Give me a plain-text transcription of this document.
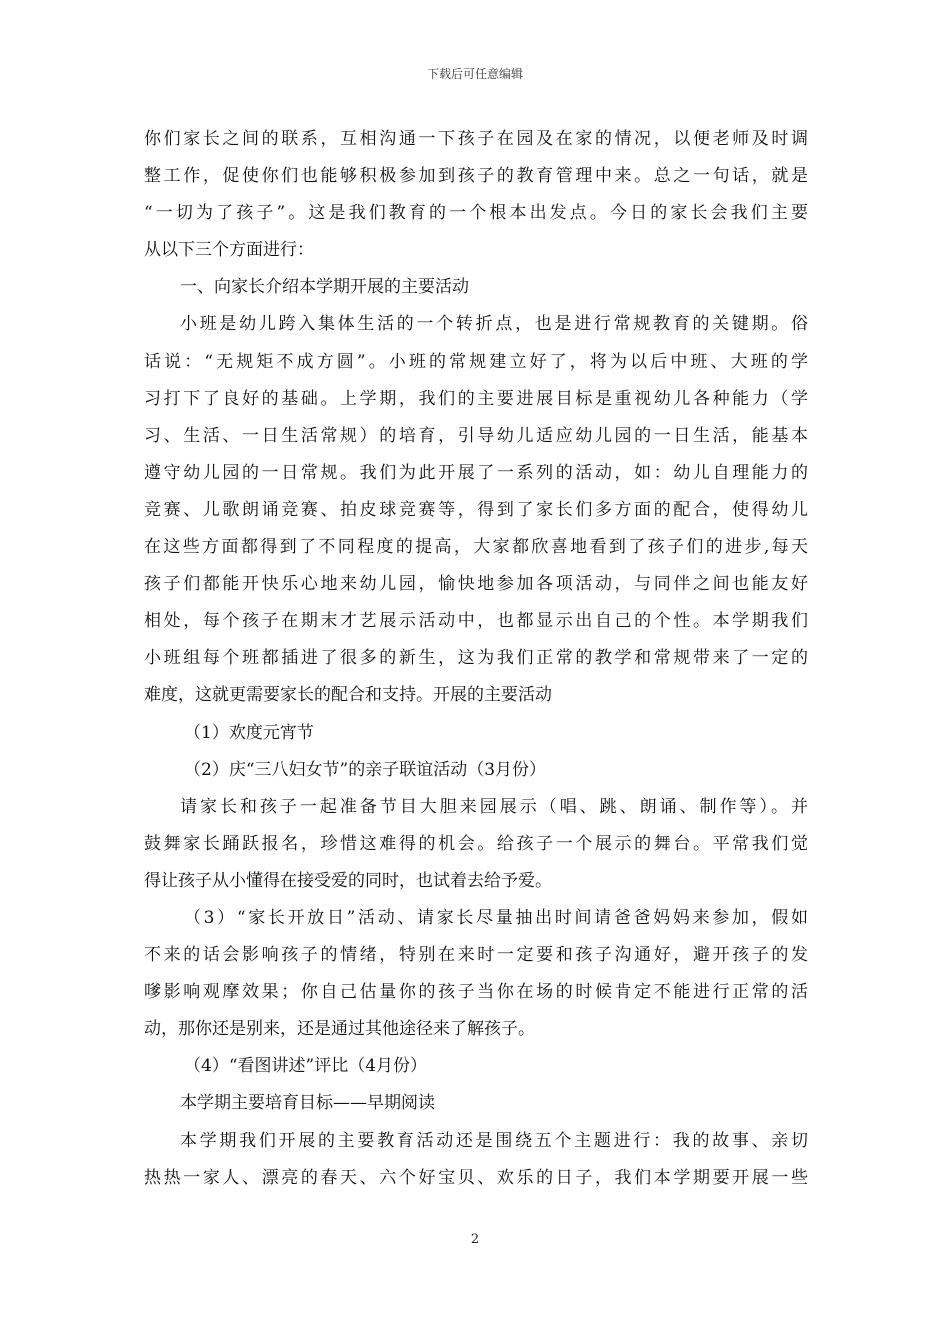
下载后可任意编辑
你们家长之间的联系，互相沟通一下孩子在园及在家的情况，以便老师及时调
整工作，促使你们也能够积极参加到孩子的教育管理中来。总之一句话，就是
“一切为了孩子”。这是我们教育的一个根本出发点。今日的家长会我们主要
从以下三个方面进行：
一、向家长介绍本学期开展的主要活动
小班是幼儿跨入集体生活的一个转折点，也是进行常规教育的关键期。俗
话说：“无规矩不成方圆”。小班的常规建立好了，将为以后中班、大班的学
习打下了良好的基础。上学期，我们的主要进展目标是重视幼儿各种能力（学
习、生活、一日生活常规）的培育，引导幼儿适应幼儿园的一日生活，能基本
遵守幼儿园的一日常规。我们为此开展了一系列的活动，如：幼儿自理能力的
竞赛、儿歌朗诵竞赛、拍皮球竞赛等，得到了家长们多方面的配合，使得幼儿
在这些方面都得到了不同程度的提高，大家都欣喜地看到了孩子们的进步,每天
孩子们都能开快乐心地来幼儿园，愉快地参加各项活动，与同伴之间也能友好
相处，每个孩子在期末才艺展示活动中，也都显示出自己的个性。本学期我们
小班组每个班都插进了很多的新生，这为我们正常的教学和常规带来了一定的
难度，这就更需要家长的配合和支持。开展的主要活动
（1）欢度元宵节
（2）庆“三八妇女节”的亲子联谊活动（3月份）
请家长和孩子一起准备节目大胆来园展示（唱、跳、朗诵、制作等）。并
鼓舞家长踊跃报名，珍惜这难得的机会。给孩子一个展示的舞台。平常我们觉
得让孩子从小懂得在接受爱的同时，也试着去给予爱。
（3）“家长开放日”活动、请家长尽量抽出时间请爸爸妈妈来参加，假如
不来的话会影响孩子的情绪，特别在来时一定要和孩子沟通好，避开孩子的发
嗲影响观摩效果；你自己估量你的孩子当你在场的时候肯定不能进行正常的活
动，那你还是别来，还是通过其他途径来了解孩子。
（4）“看图讲述”评比（4月份）
本学期主要培育目标——早期阅读
本学期我们开展的主要教育活动还是围绕五个主题进行：我的故事、亲切
热热一家人、漂亮的春天、六个好宝贝、欢乐的日子，我们本学期要开展一些
2
